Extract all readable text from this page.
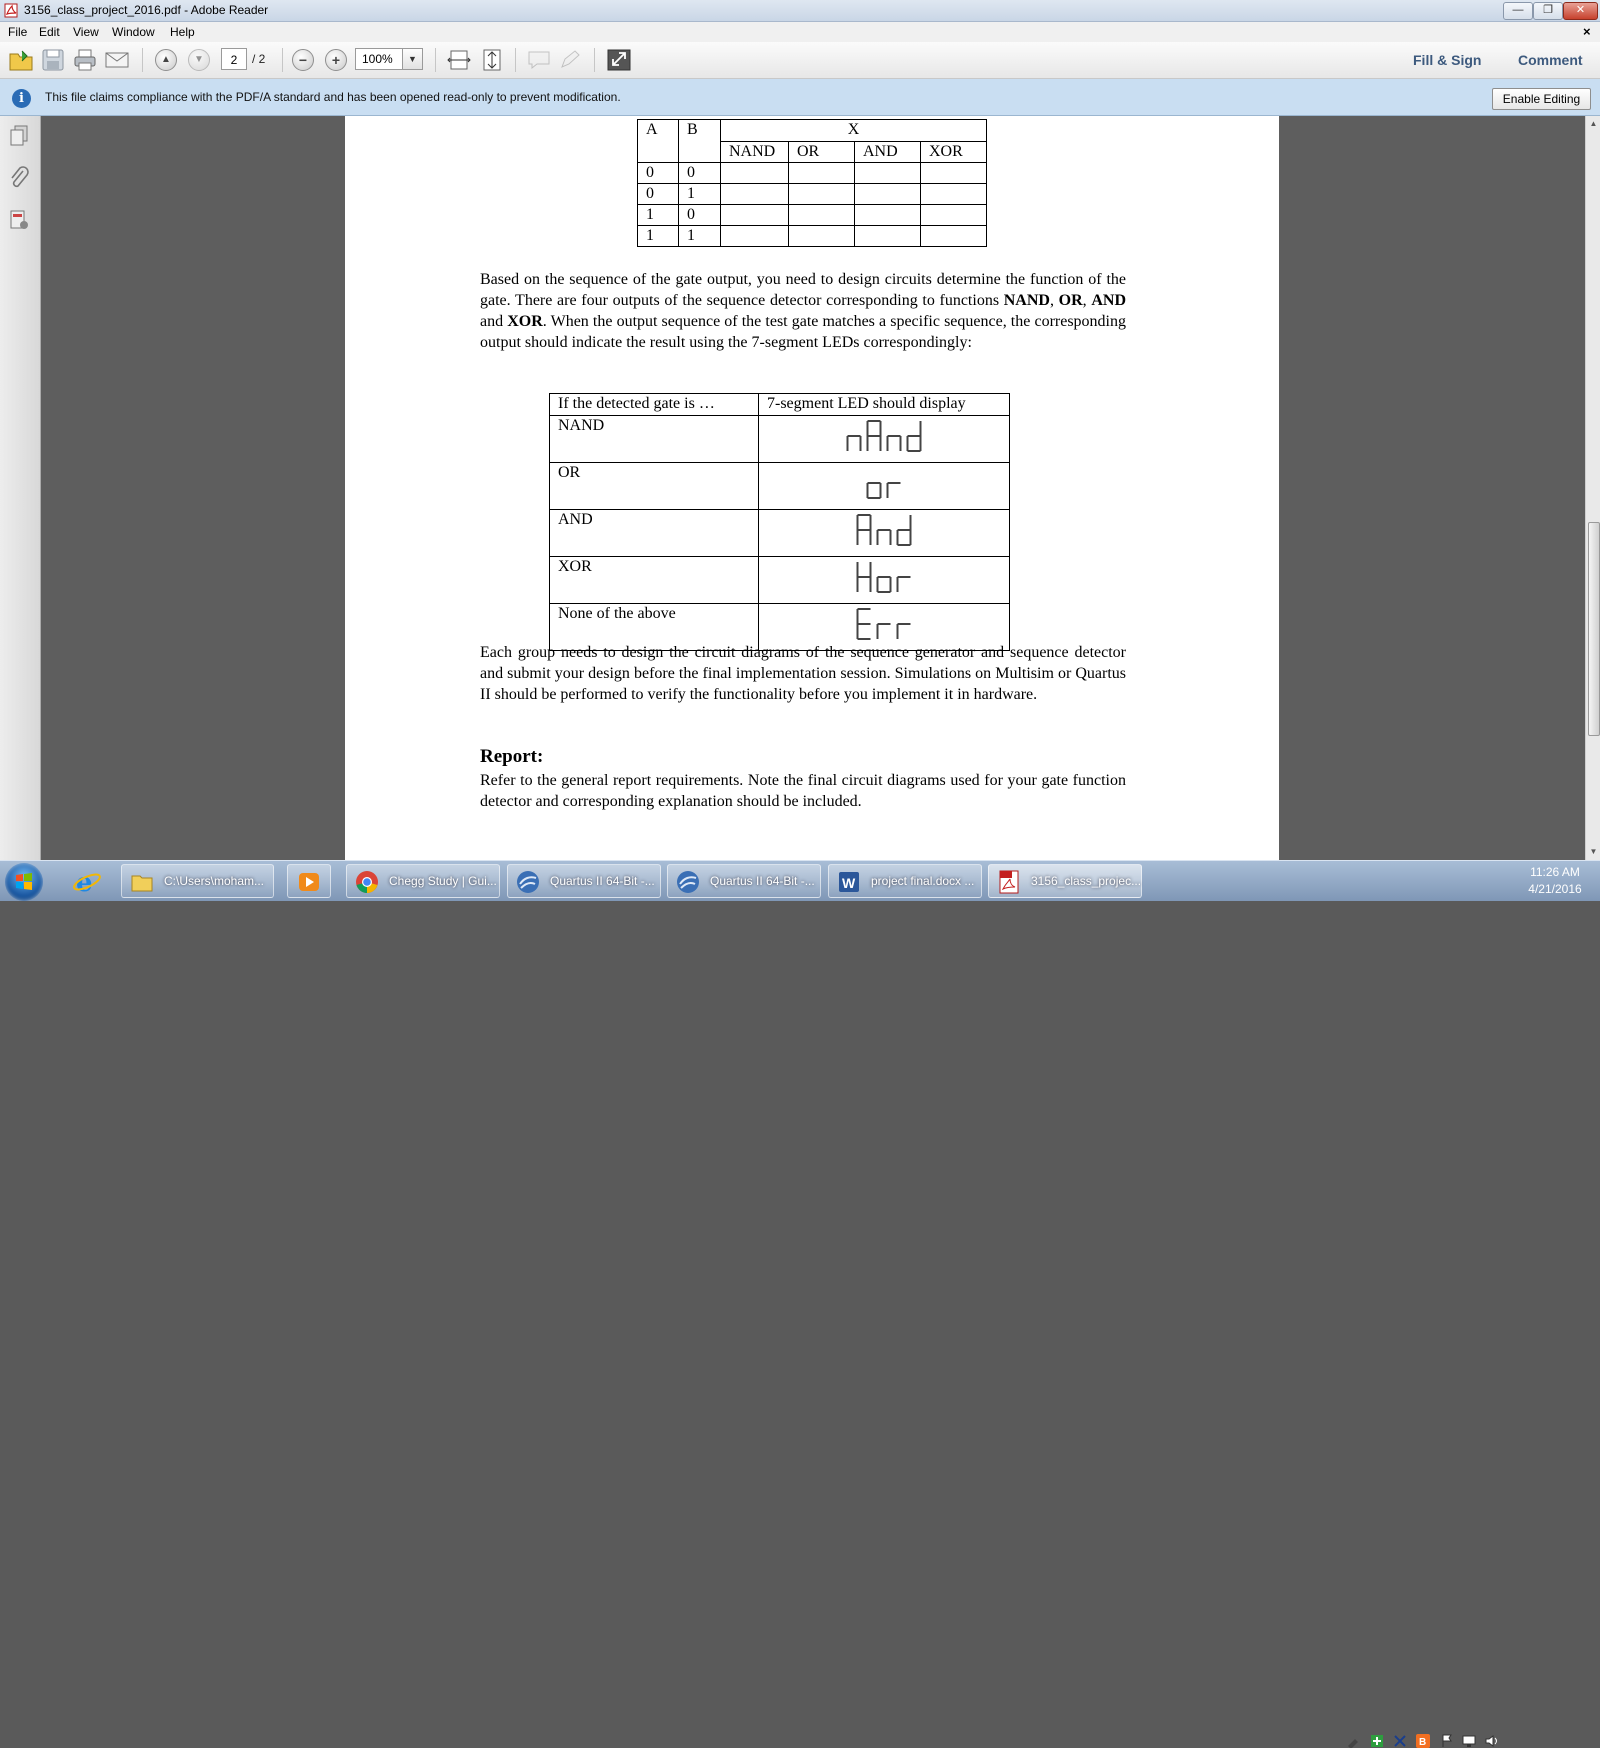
3156_class_project_2016.pdf - Adobe Reader	—	❐	✕
File Edit View Window Help	×
▲	▼	−	+
2	/ 2	100%	▼	Fill & Sign	Comment
i	This file claims compliance with the PDF/A standard and has been opened read-only to prevent modification.	Enable Editing
A	B	X			
		NAND	OR	AND	XOR
0	0				
0	1				
1	0				
1	1				
Based on the sequence of the gate output, you need to design circuits determine the function of the gate. There are four outputs of the sequence detector corresponding to functions NAND, OR, AND and XOR. When the output sequence of the test gate matches a specific sequence, the corresponding output should indicate the result using the 7-segment LEDs correspondingly:
If the detected gate is …	7-segment LED should display
NAND	
OR	
AND	
XOR	
None of the above	
Each group needs to design the circuit diagrams of the sequence generator and sequence detector and submit your design before the final implementation session. Simulations on Multisim or Quartus II should be performed to verify the functionality before you implement it in hardware.
Report:
Refer to the general report requirements. Note the final circuit diagrams used for your gate function detector and corresponding explanation should be included.
▲
▼
e	C:\Users\moham...	Chegg Study | Gui...	Quartus II 64-Bit -...	Quartus II 64-Bit -... W project final.docx ...	3156_class_projec...
B
11:26 AM
4/21/2016
